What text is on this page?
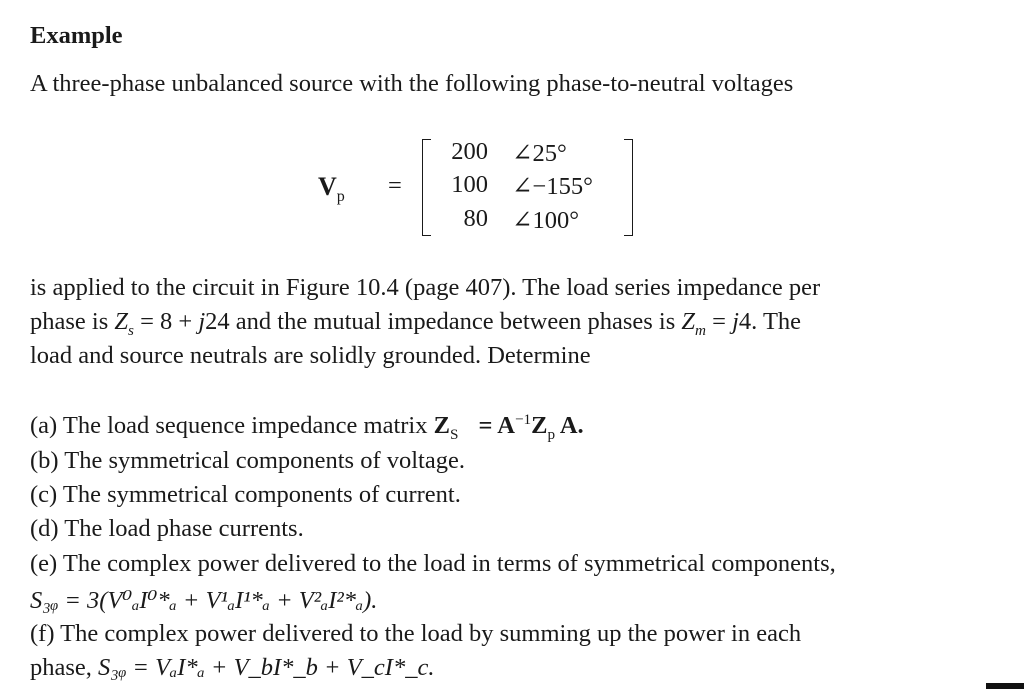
Example
A three-phase unbalanced source with the following phase-to-neutral voltages
$V_p$ =
200 ∠25°
100 ∠−155°
80 ∠100°
is applied to the circuit in Figure 10.4 (page 407). The load series impedance per
phase is $Z_s = 8 + j24$ and the mutual impedance between phases is $Z_m = j4$. The
load and source neutrals are solidly grounded. Determine
(a) The load sequence impedance matrix $Z_S = A^{-1}Z_p$ A.
(b) The symmetrical components of voltage.
(c) The symmetrical components of current.
(d) The load phase currents.
(e) The complex power delivered to the load in terms of symmetrical components,
S₃ᵩ = 3(V⁰ₐI⁰*ₐ + V¹ₐI¹*ₐ + V²ₐI²*ₐ).
(f) The complex power delivered to the load by summing up the power in each
phase, S₃ᵩ = VₐI*ₐ + V_bI*_b + V_cI*_c.
